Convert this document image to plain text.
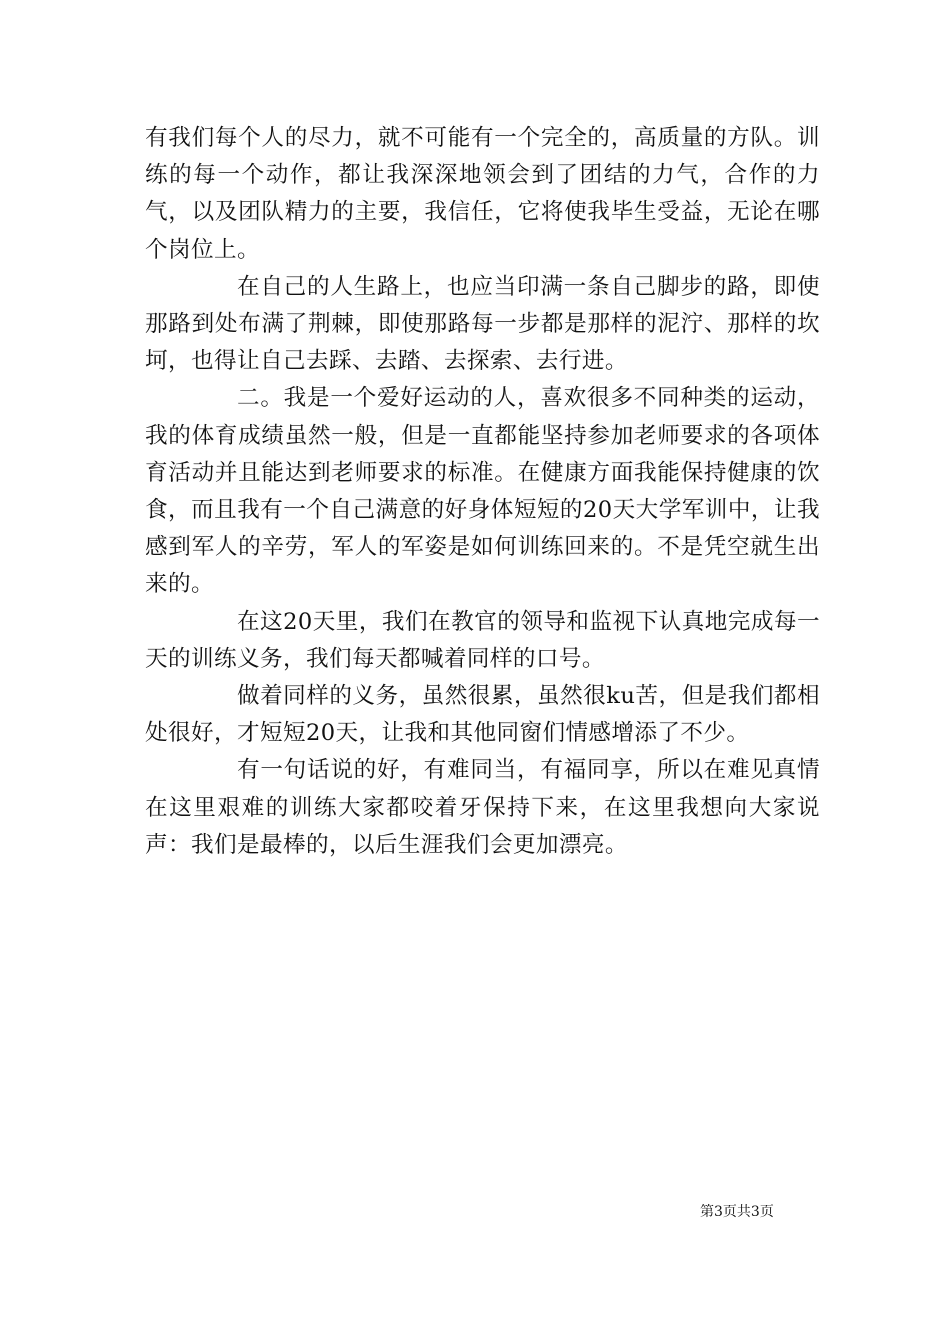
有我们每个人的尽力，就不可能有一个完全的，高质量的方队。训练的每一个动作，都让我深深地领会到了团结的力气，合作的力气，以及团队精力的主要，我信任，它将使我毕生受益，无论在哪个岗位上。

在自己的人生路上，也应当印满一条自己脚步的路，即使那路到处布满了荆棘，即使那路每一步都是那样的泥泞、那样的坎坷，也得让自己去踩、去踏、去探索、去行进。

二。我是一个爱好运动的人，喜欢很多不同种类的运动，我的体育成绩虽然一般，但是一直都能坚持参加老师要求的各项体育活动并且能达到老师要求的标准。在健康方面我能保持健康的饮食，而且我有一个自己满意的好身体短短的20天大学军训中，让我感到军人的辛劳，军人的军姿是如何训练回来的。不是凭空就生出来的。

在这20天里，我们在教官的领导和监视下认真地完成每一天的训练义务，我们每天都喊着同样的口号。

做着同样的义务，虽然很累，虽然很ku苦，但是我们都相处很好，才短短20天，让我和其他同窗们情感增添了不少。

有一句话说的好，有难同当，有福同享，所以在难见真情在这里艰难的训练大家都咬着牙保持下来，在这里我想向大家说声：我们是最棒的，以后生涯我们会更加漂亮。

第3页共3页
